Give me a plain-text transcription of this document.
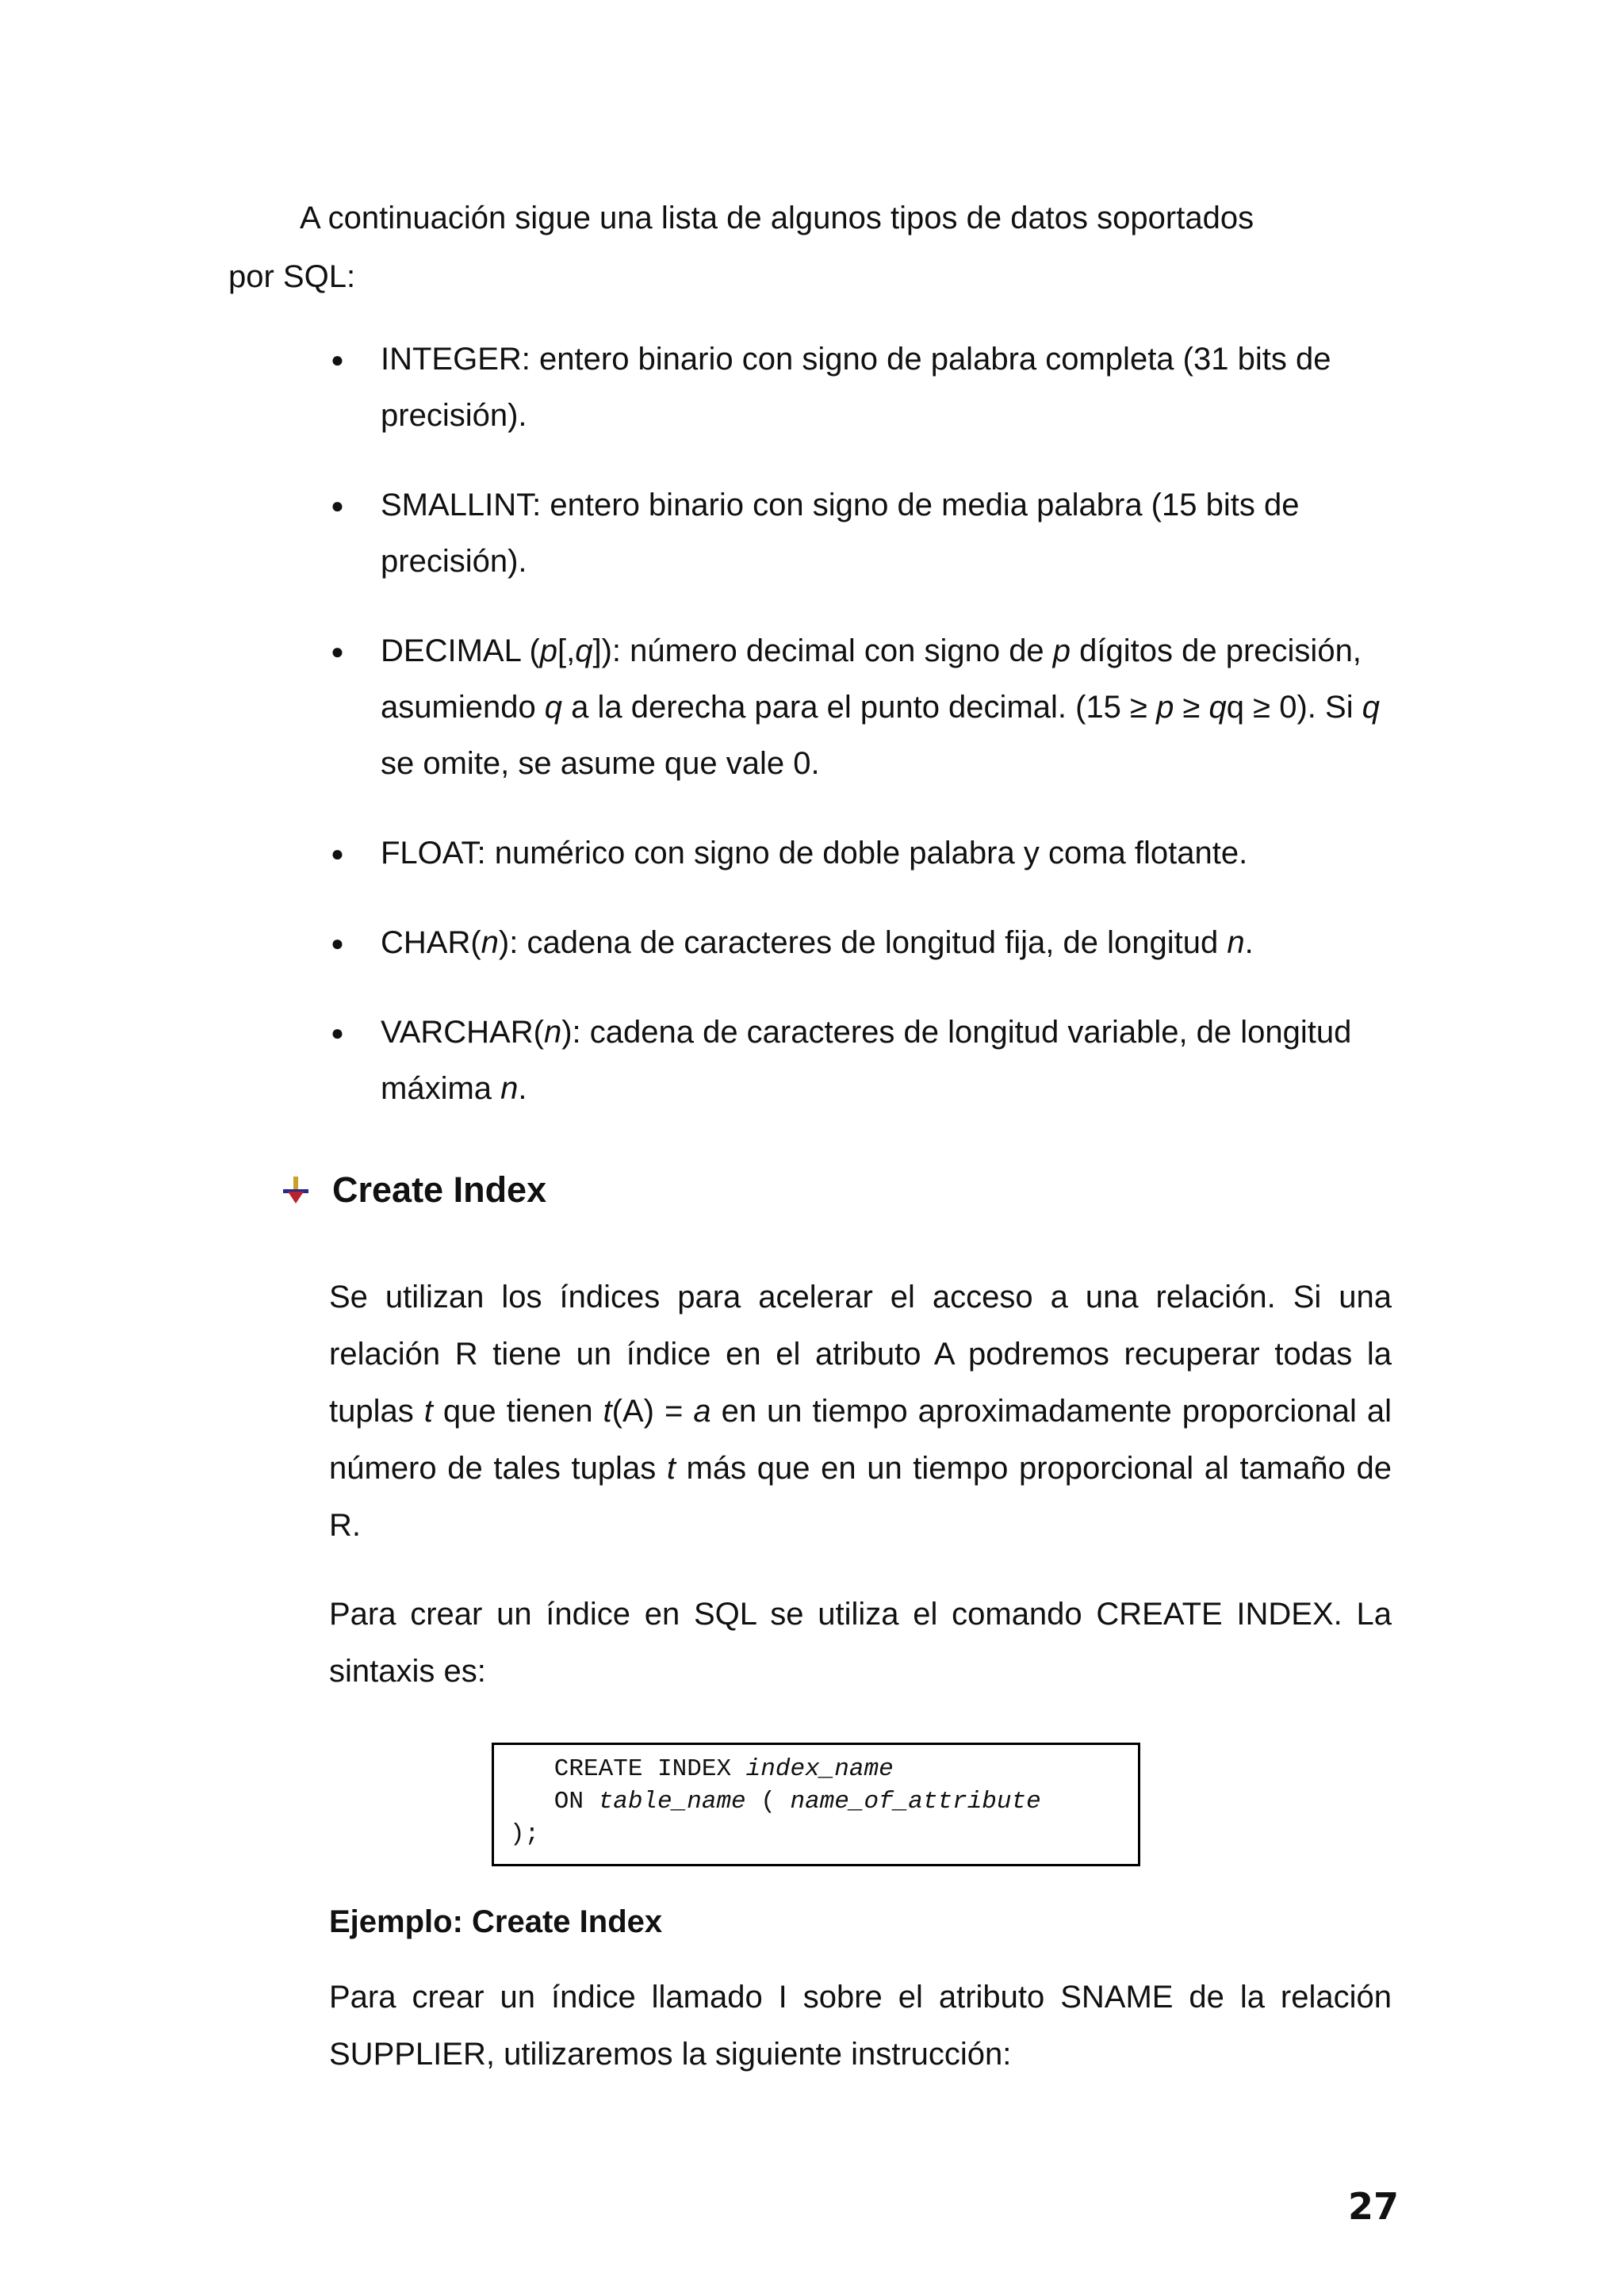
A continuación sigue una lista de algunos tipos de datos soportados
por SQL:
● INTEGER: entero binario con signo de palabra completa (31 bits de precisión).
● SMALLINT: entero binario con signo de media palabra (15 bits de precisión).
● DECIMAL (p[,q]): número decimal con signo de p dígitos de precisión, asumiendo q a la derecha para el punto decimal. (15 ≥ p ≥ qq ≥ 0). Si q se omite, se asume que vale 0.
● FLOAT: numérico con signo de doble palabra y coma flotante.
● CHAR(n): cadena de caracteres de longitud fija, de longitud n.
● VARCHAR(n): cadena de caracteres de longitud variable, de longitud máxima n.
Create Index
Se utilizan los índices para acelerar el acceso a una relación. Si una relación R tiene un índice en el atributo A podremos recuperar todas la tuplas t que tienen t(A) = a en un tiempo aproximadamente proporcional al número de tales tuplas t más que en un tiempo proporcional al tamaño de R.
Para crear un índice en SQL se utiliza el comando CREATE INDEX. La sintaxis es:
CREATE INDEX index_name
ON table_name ( name_of_attribute
);
Ejemplo: Create Index
Para crear un índice llamado I sobre el atributo SNAME de la relación SUPPLIER, utilizaremos la siguiente instrucción:
27
